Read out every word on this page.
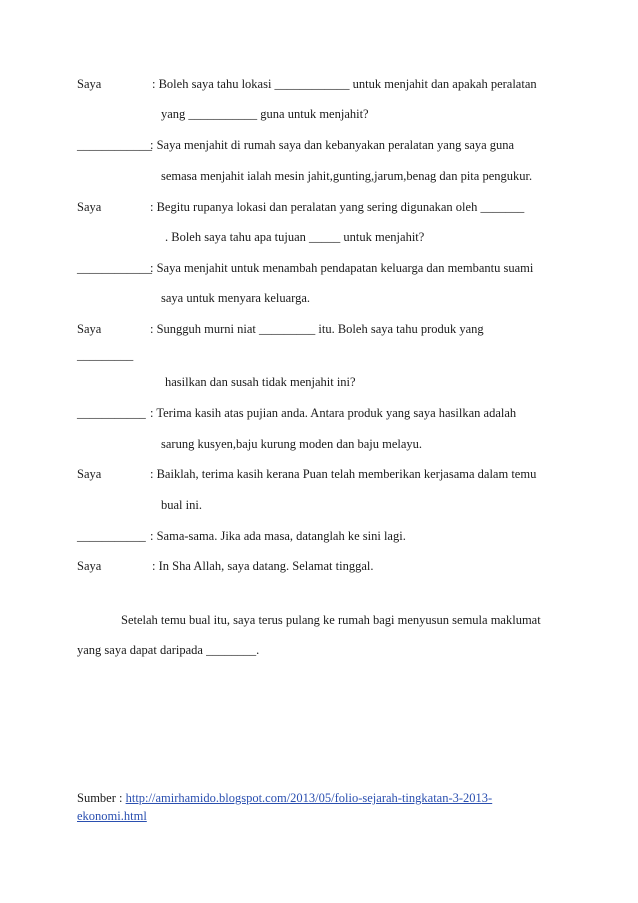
Saya	: Boleh saya tahu lokasi ____________ untuk menjahit dan apakah peralatan
yang ___________ guna untuk menjahit?
____________
: Saya menjahit di rumah saya dan kebanyakan peralatan yang saya guna
semasa menjahit ialah mesin jahit,gunting,jarum,benag dan pita pengukur.
Saya	: Begitu rupanya lokasi dan peralatan yang sering digunakan oleh _______
. Boleh saya tahu apa tujuan _____ untuk menjahit?
____________
: Saya menjahit untuk menambah pendapatan keluarga dan membantu suami
saya untuk menyara keluarga.
Saya	: Sungguh murni niat _________ itu. Boleh saya tahu produk yang
_________
hasilkan dan susah tidak menjahit ini?
___________ : Terima kasih atas pujian anda. Antara produk yang saya hasilkan adalah
sarung kusyen,baju kurung moden dan baju melayu.
Saya	: Baiklah, terima kasih kerana Puan telah memberikan kerjasama dalam temu
bual ini.
___________ : Sama-sama. Jika ada masa, datanglah ke sini lagi.
Saya	: In Sha Allah, saya datang. Selamat tinggal.
Setelah temu bual itu, saya terus pulang ke rumah bagi menyusun semula maklumat
yang saya dapat daripada ________.
Sumber : http://amirhamido.blogspot.com/2013/05/folio-sejarah-tingkatan-3-2013-
ekonomi.html
